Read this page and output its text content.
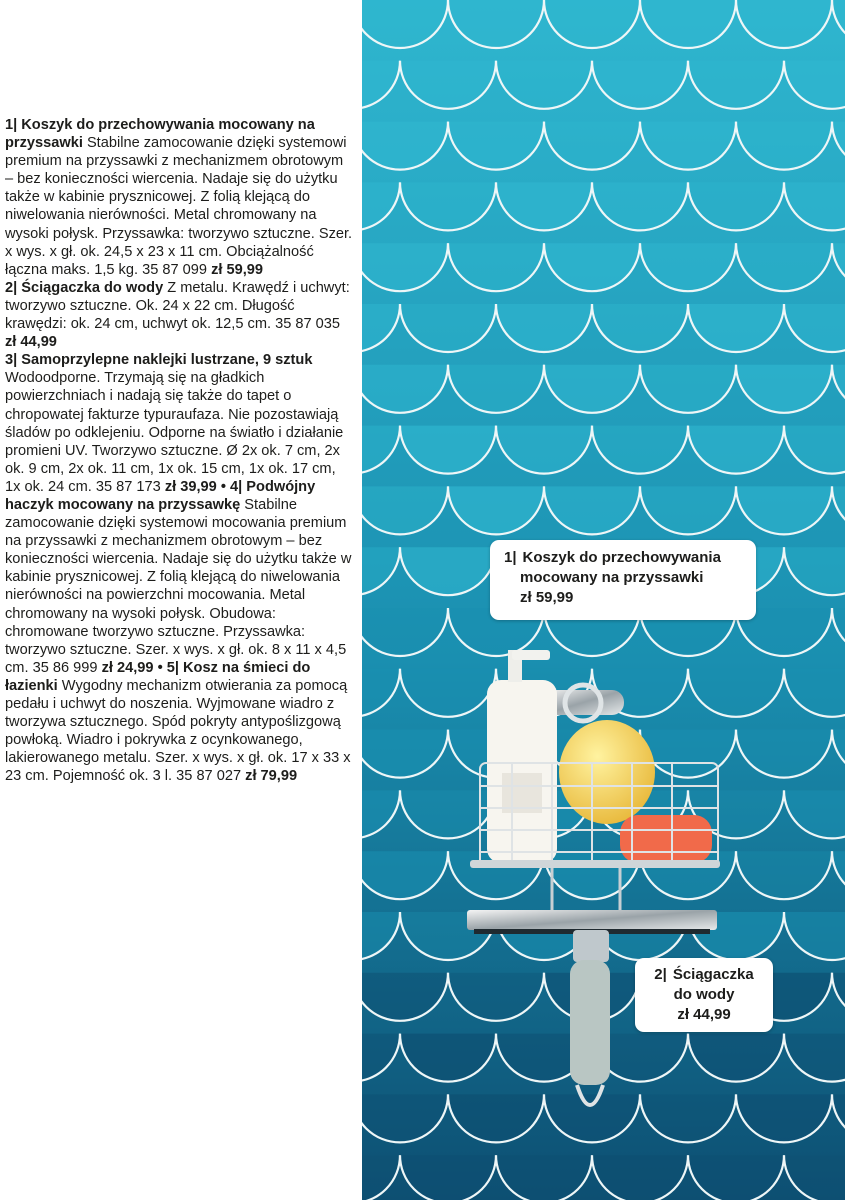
1| Koszyk do przechowywania mocowany na przyssawki Stabilne zamocowanie dzięki systemowi premium na przyssawki z mechanizmem obrotowym – bez konieczności wiercenia. Nadaje się do użytku także w kabinie prysznicowej. Z folią klejącą do niwelowania nierówności. Metal chromowany na wysoki połysk. Przyssawka: tworzywo sztuczne. Szer. x wys. x gł. ok. 24,5 x 23 x 11 cm. Obciążalność łączna maks. 1,5 kg. 35 87 099 zł 59,99
2| Ściągaczka do wody Z metalu. Krawędź i uchwyt: tworzywo sztuczne. Ok. 24 x 22 cm. Długość krawędzi: ok. 24 cm, uchwyt ok. 12,5 cm. 35 87 035 zł 44,99
3| Samoprzylepne naklejki lustrzane, 9 sztuk Wodoodporne. Trzymają się na gładkich powierzchniach i nadają się także do tapet o chropowatej fakturze typuraufaza. Nie pozostawiają śladów po odklejeniu. Odporne na światło i działanie promieni UV. Tworzywo sztuczne. Ø 2x ok. 7 cm, 2x ok. 9 cm, 2x ok. 11 cm, 1x ok. 15 cm, 1x ok. 17 cm, 1x ok. 24 cm. 35 87 173 zł 39,99 • 4| Podwójny haczyk mocowany na przyssawkę Stabilne zamocowanie dzięki systemowi mocowania premium na przyssawki z mechanizmem obrotowym – bez konieczności wiercenia. Nadaje się do użytku także w kabinie prysznicowej. Z folią klejącą do niwelowania nierówności na powierzchni mocowania. Metal chromowany na wysoki połysk. Obudowa: chromowane tworzywo sztuczne. Przyssawka: tworzywo sztuczne. Szer. x wys. x gł. ok. 8 x 11 x 4,5 cm. 35 86 999 zł 24,99 • 5| Kosz na śmieci do łazienki Wygodny mechanizm otwierania za pomocą pedału i uchwyt do noszenia. Wyjmowane wiadro z tworzywa sztucznego. Spód pokryty antypoślizgową powłoką. Wiadro i pokrywka z ocynkowanego, lakierowanego metalu. Szer. x wys. x gł. ok. 17 x 33 x 23 cm. Pojemność ok. 3 l. 35 87 027 zł 79,99
1| Koszyk do przechowywania
mocowany na przyssawki
zł 59,99
2| Ściągaczka
do wody
zł 44,99
